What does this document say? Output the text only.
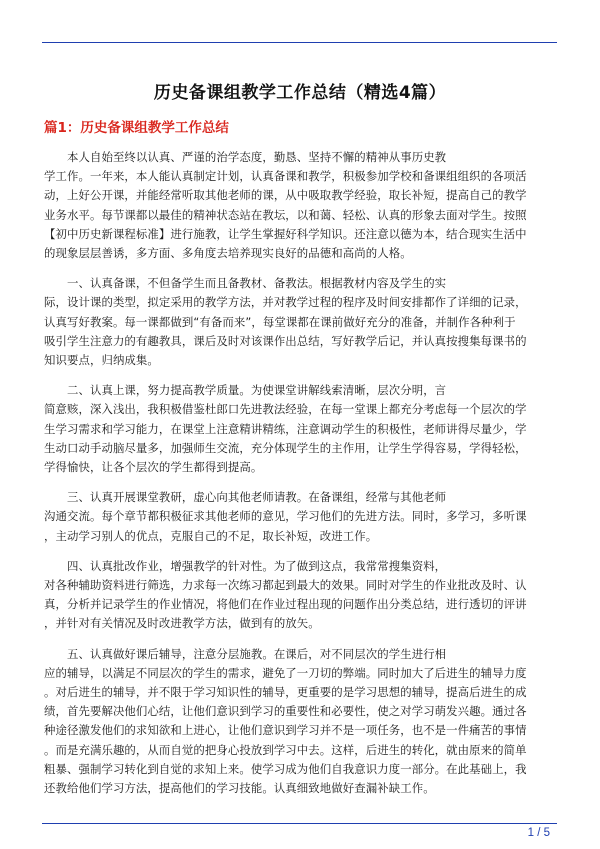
历史备课组教学工作总结（精选4篇）
篇1：历史备课组教学工作总结

　　本人自始至终以认真、严谨的治学态度，勤恳、坚持不懈的精神从事历史教
学工作。一年来，本人能认真制定计划，认真备课和教学，积极参加学校和备课组组织的各项活
动，上好公开课，并能经常听取其他老师的课，从中吸取教学经验，取长补短，提高自己的教学
业务水平。每节课都以最佳的精神状态站在教坛，以和蔼、轻松、认真的形象去面对学生。按照
【初中历史新课程标准】进行施教，让学生掌握好科学知识。还注意以德为本，结合现实生活中
的现象层层善诱，多方面、多角度去培养现实良好的品德和高尚的人格。

　　一、认真备课，不但备学生而且备教材、备教法。根据教材内容及学生的实
际，设计课的类型，拟定采用的教学方法，并对教学过程的程序及时间安排都作了详细的记录，
认真写好教案。每一课都做到“有备而来”，每堂课都在课前做好充分的准备，并制作各种利于
吸引学生注意力的有趣教具，课后及时对该课作出总结，写好教学后记，并认真按搜集每课书的
知识要点，归纳成集。

　　二、认真上课，努力提高教学质量。为使课堂讲解线索清晰，层次分明，言
简意赅，深入浅出，我积极借鉴杜郎口先进教法经验，在每一堂课上都充分考虑每一个层次的学
生学习需求和学习能力，在课堂上注意精讲精练，注意调动学生的积极性，老师讲得尽量少，学
生动口动手动脑尽量多，加强师生交流，充分体现学生的主作用，让学生学得容易，学得轻松，
学得愉快，让各个层次的学生都得到提高。

　　三、认真开展课堂教研，虚心向其他老师请教。在备课组，经常与其他老师
沟通交流。每个章节都积极征求其他老师的意见，学习他们的先进方法。同时，多学习，多听课
，主动学习别人的优点，克服自己的不足，取长补短，改进工作。

　　四、认真批改作业，增强教学的针对性。为了做到这点，我常常搜集资料，
对各种辅助资料进行筛选，力求每一次练习都起到最大的效果。同时对学生的作业批改及时、认
真，分析并记录学生的作业情况，将他们在作业过程出现的问题作出分类总结，进行透切的评讲
，并针对有关情况及时改进教学方法，做到有的放矢。

　　五、认真做好课后辅导，注意分层施教。在课后，对不同层次的学生进行相
应的辅导，以满足不同层次的学生的需求，避免了一刀切的弊端。同时加大了后进生的辅导力度
。对后进生的辅导，并不限于学习知识性的辅导，更重要的是学习思想的辅导，提高后进生的成
绩，首先要解决他们心结，让他们意识到学习的重要性和必要性，使之对学习萌发兴趣。通过各
种途径激发他们的求知欲和上进心，让他们意识到学习并不是一项任务，也不是一件痛苦的事情
。而是充满乐趣的，从而自觉的把身心投放到学习中去。这样，后进生的转化，就由原来的简单
粗暴、强制学习转化到自觉的求知上来。使学习成为他们自我意识力度一部分。在此基础上，我
还教给他们学习方法，提高他们的学习技能。认真细致地做好查漏补缺工作。

1 / 5
